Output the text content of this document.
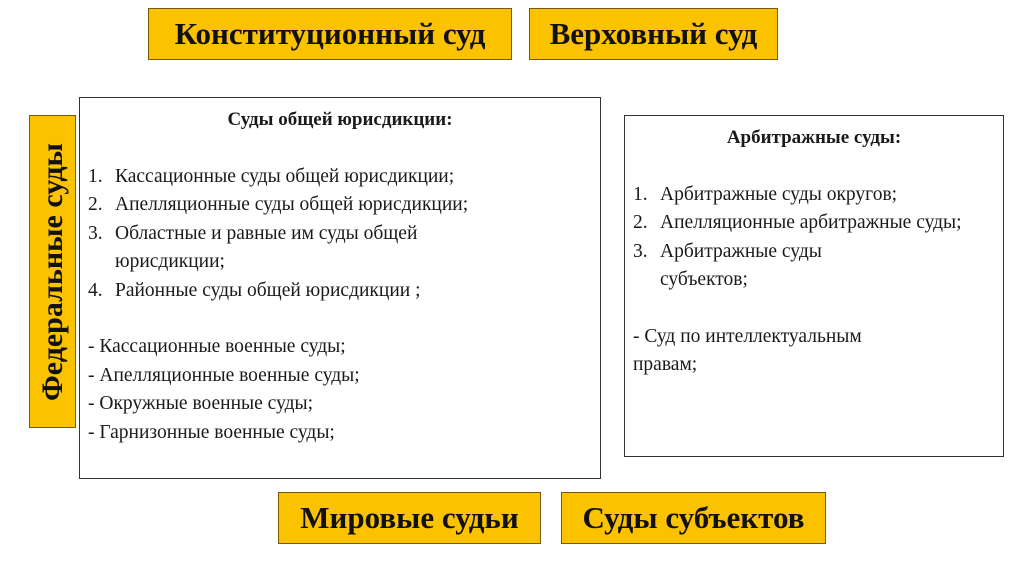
Конституционный суд Верховный суд
Федеральные суды
Суды общей юрисдикции:
1. Кассационные суды общей юрисдикции;
2. Апелляционные суды общей юрисдикции;
3. Областные и равные им суды общей юрисдикции;
4. Районные суды общей юрисдикции ;
- Кассационные военные суды;
- Апелляционные военные суды;
- Окружные военные суды;
- Гарнизонные военные суды;
Арбитражные суды:
1. Арбитражные суды округов;
2. Апелляционные арбитражные суды;
3. Арбитражные суды субъектов;
- Суд по интеллектуальным правам;
Мировые судьи Суды субъектов
